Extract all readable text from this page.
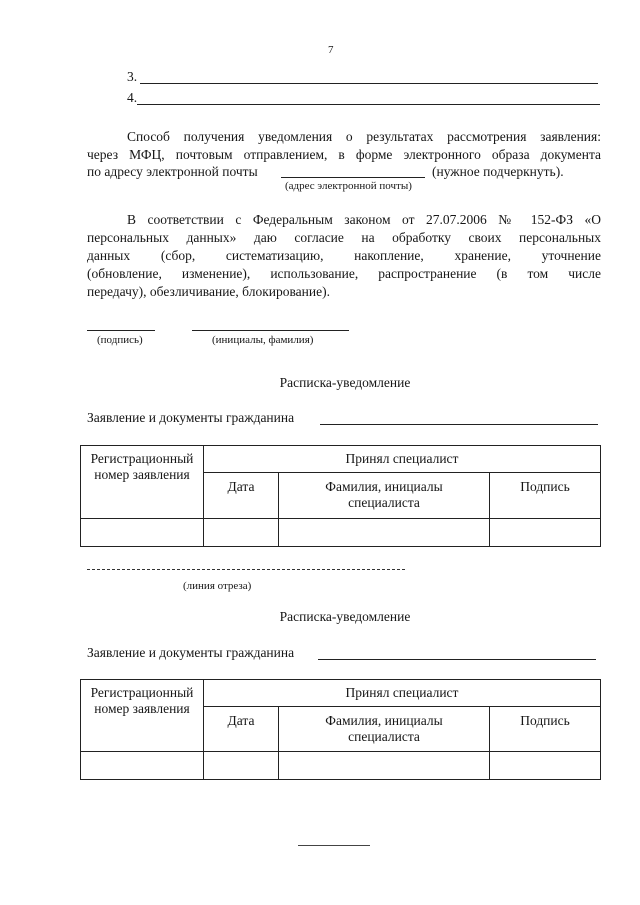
7
3.
4.
Способ получения уведомления о результатах рассмотрения заявления:
через МФЦ, почтовым отправлением, в форме электронного образа документа
по адресу электронной почты	(нужное подчеркнуть).
(адрес электронной почты)
В соответствии с Федеральным законом от 27.07.2006 № 152-ФЗ «О
персональных данных» даю согласие на обработку своих персональных
данных (сбор, систематизацию, накопление, хранение, уточнение
(обновление, изменение), использование, распространение (в том числе
передачу), обезличивание, блокирование).
(подпись)	(инициалы, фамилия)
Расписка-уведомление
Заявление и документы гражданина
Регистрационный номер заявления	Принял специалист		
	Дата	Фамилия, инициалы специалиста	Подпись

(линия отреза)
Расписка-уведомление
Заявление и документы гражданина
Регистрационный номер заявления	Принял специалист		
	Дата	Фамилия, инициалы специалиста	Подпись
